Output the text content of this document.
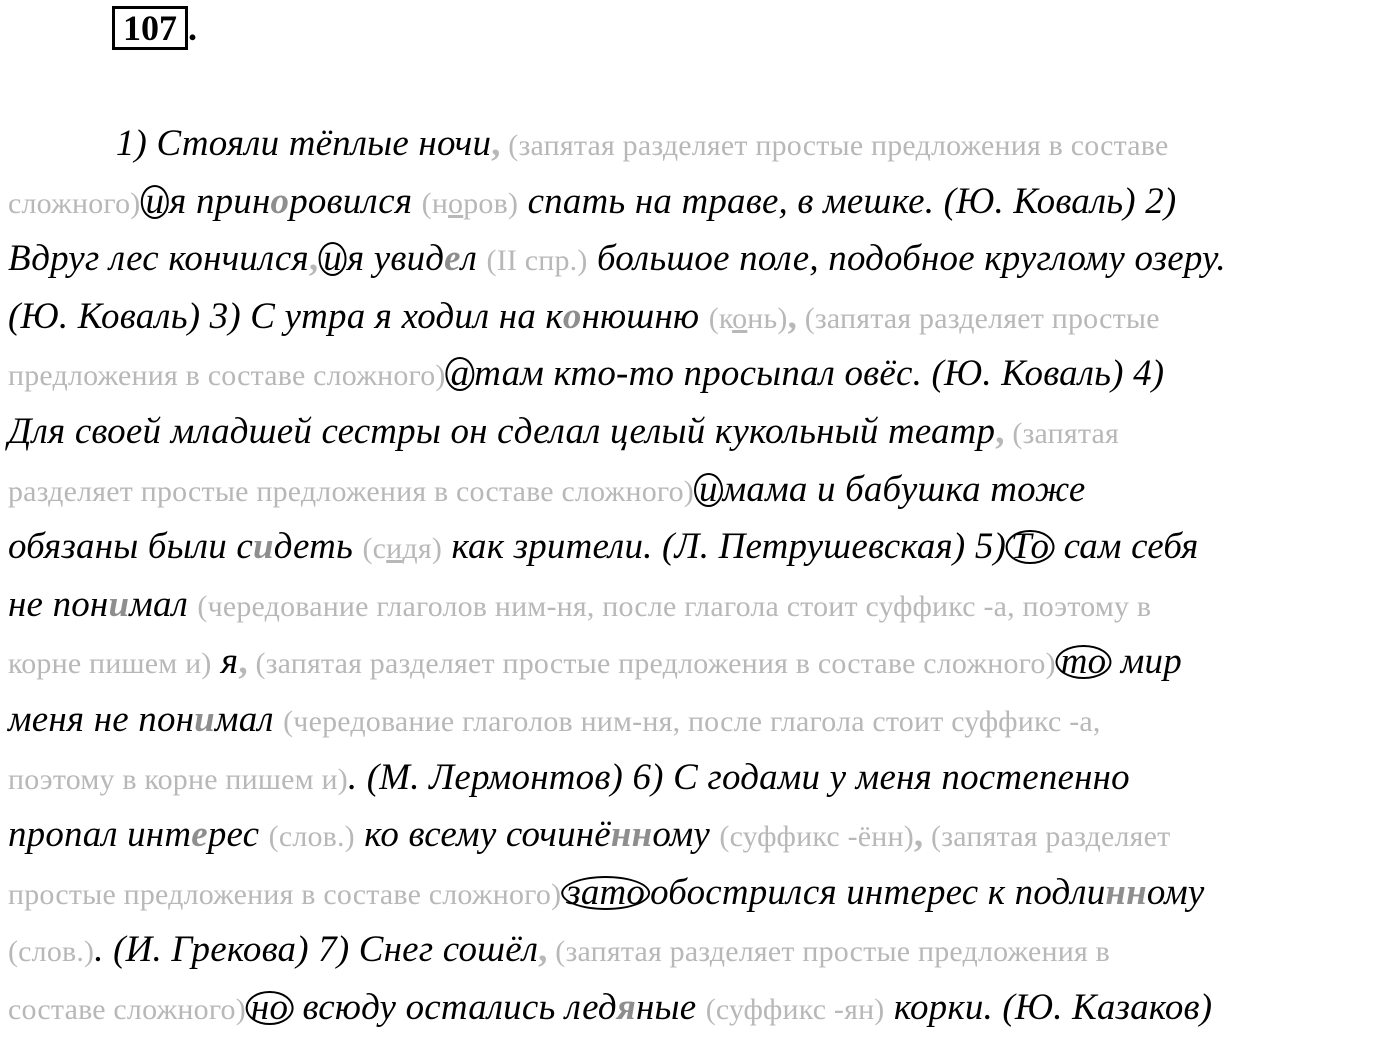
107 .
1) Стояли тёплые ночи, (запятая разделяет простые предложения в составе
сложного) и я приноровился (норов) спать на траве, в мешке. (Ю. Коваль) 2)
Вдруг лес кончился, и я увидел (II спр.) большое поле, подобное круглому озеру.
(Ю. Коваль) 3) С утра я ходил на конюшню (конь), (запятая разделяет простые
предложения в составе сложного) а там кто-то просыпал овёс. (Ю. Коваль) 4)
Для своей младшей сестры он сделал целый кукольный театр, (запятая
разделяет простые предложения в составе сложного) и мама и бабушка тоже
обязаны были сидеть (сидя) как зрители. (Л. Петрушевская) 5) То сам себя
не понимал (чередование глаголов ним-ня, после глагола стоит суффикс -а, поэтому в
корне пишем и) я, (запятая разделяет простые предложения в составе сложного) то мир
меня не понимал (чередование глаголов ним-ня, после глагола стоит суффикс -а,
поэтому в корне пишем и). (М. Лермонтов) 6) С годами у меня постепенно
пропал интерес (слов.) ко всему сочинённому (суффикс -ённ), (запятая разделяет
простые предложения в составе сложного) зато обострился интерес к подлинному
(слов.). (И. Грекова) 7) Снег сошёл, (запятая разделяет простые предложения в
составе сложного) но всюду остались ледяные (суффикс -ян) корки. (Ю. Казаков)
